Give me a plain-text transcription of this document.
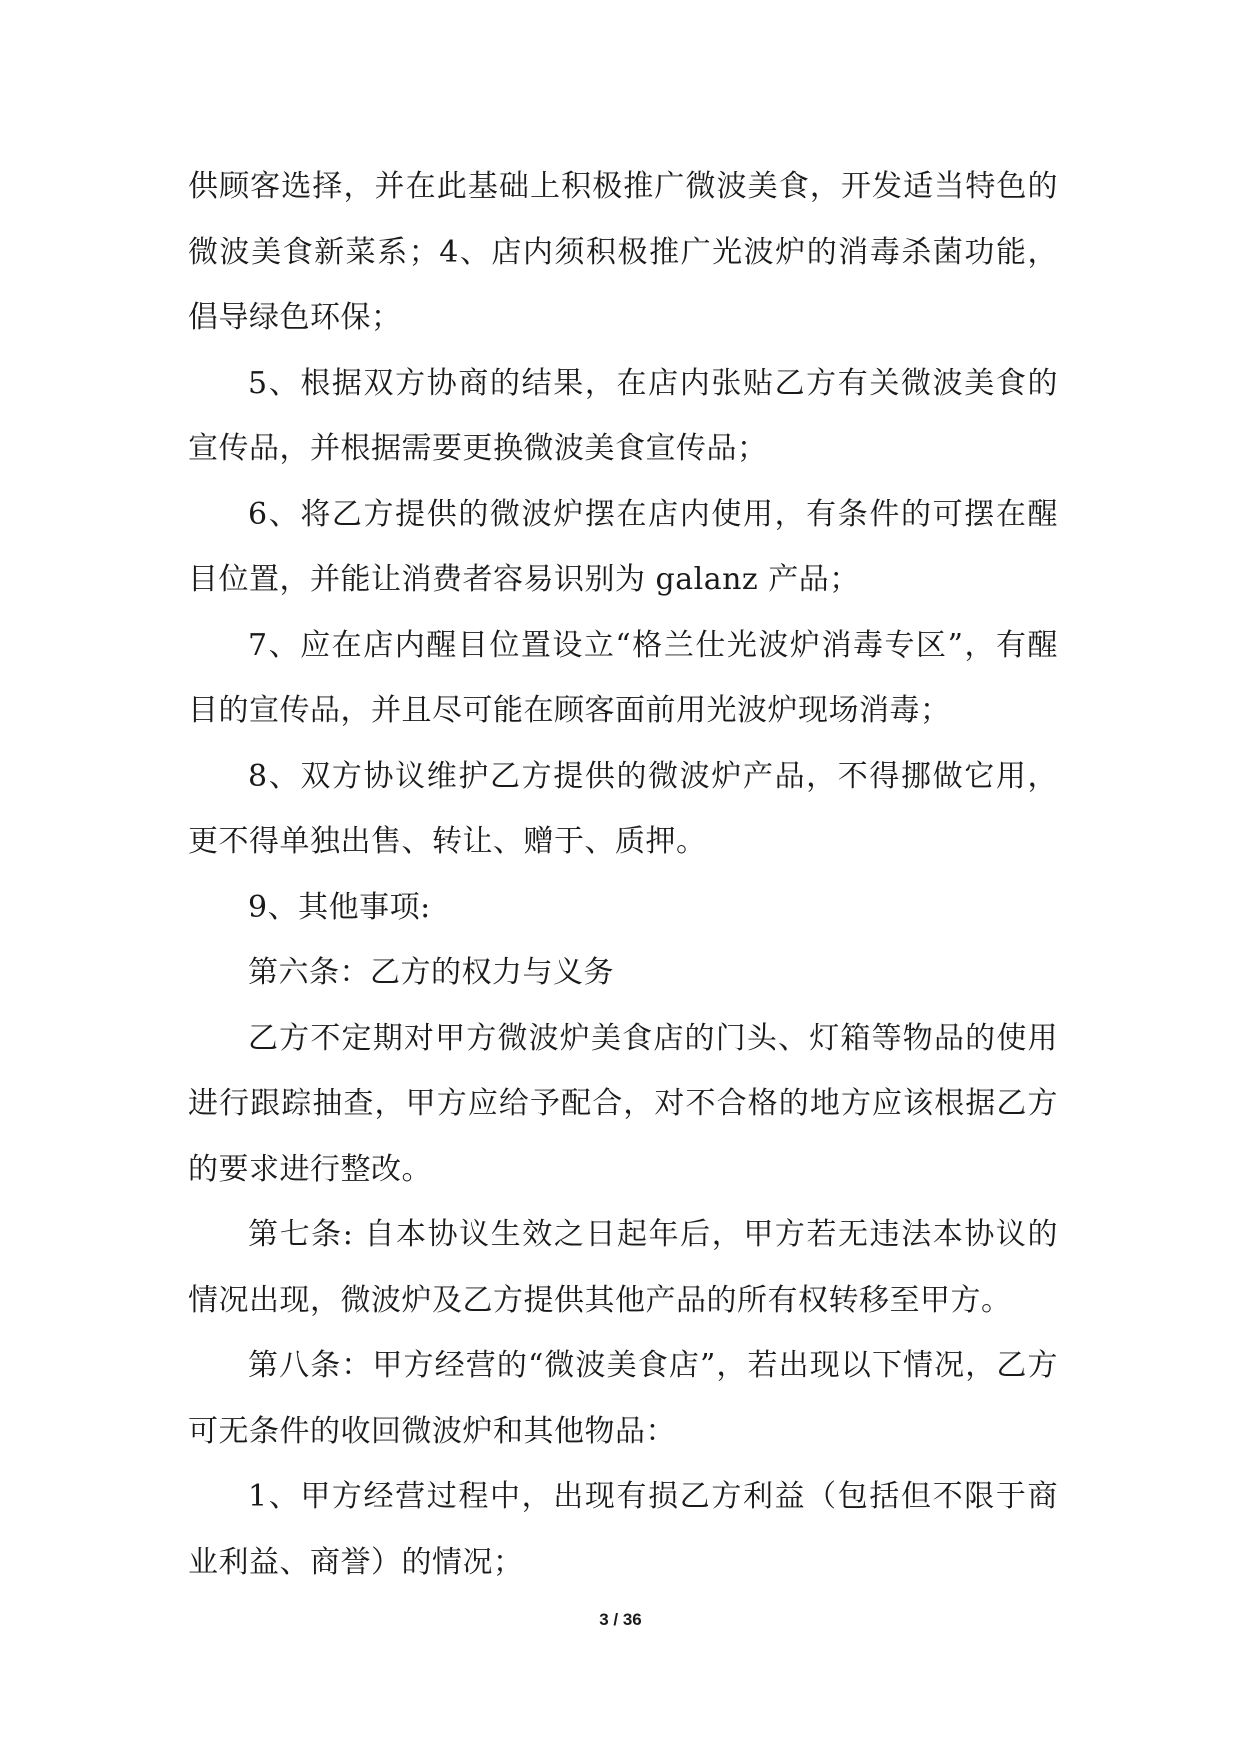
供顾客选择，并在此基础上积极推广微波美食，开发适当特色的微波美食新菜系；4、店内须积极推广光波炉的消毒杀菌功能，倡导绿色环保；

5、根据双方协商的结果，在店内张贴乙方有关微波美食的宣传品，并根据需要更换微波美食宣传品；

6、将乙方提供的微波炉摆在店内使用，有条件的可摆在醒目位置，并能让消费者容易识别为 galanz 产品；

7、应在店内醒目位置设立“格兰仕光波炉消毒专区”，有醒目的宣传品，并且尽可能在顾客面前用光波炉现场消毒；

8、双方协议维护乙方提供的微波炉产品，不得挪做它用，更不得单独出售、转让、赠于、质押。

9、其他事项:

第六条：乙方的权力与义务

乙方不定期对甲方微波炉美食店的门头、灯箱等物品的使用进行跟踪抽查，甲方应给予配合，对不合格的地方应该根据乙方的要求进行整改。

第七条: 自本协议生效之日起年后，甲方若无违法本协议的情况出现，微波炉及乙方提供其他产品的所有权转移至甲方。

第八条：甲方经营的“微波美食店”，若出现以下情况，乙方可无条件的收回微波炉和其他物品：

1、甲方经营过程中，出现有损乙方利益（包括但不限于商业利益、商誉）的情况；

3 / 36
